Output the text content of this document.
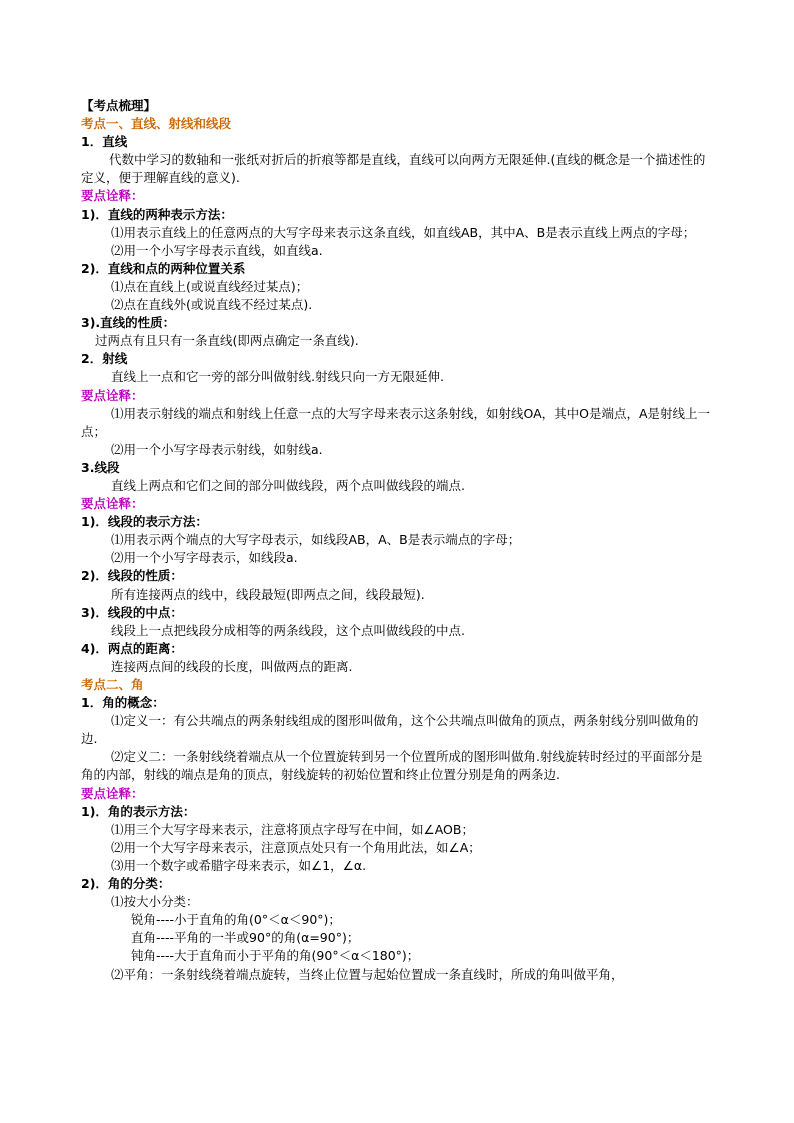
【考点梳理】
考点一、直线、射线和线段
1．直线
代数中学习的数轴和一张纸对折后的折痕等都是直线，直线可以向两方无限延伸.(直线的概念是一个描述性的定义，便于理解直线的意义).
要点诠释：
1)．直线的两种表示方法：
⑴用表示直线上的任意两点的大写字母来表示这条直线，如直线AB，其中A、B是表示直线上两点的字母；
⑵用一个小写字母表示直线，如直线a.
2)．直线和点的两种位置关系
⑴点在直线上(或说直线经过某点)；
⑵点在直线外(或说直线不经过某点).
3).直线的性质：
过两点有且只有一条直线(即两点确定一条直线).
2．射线
直线上一点和它一旁的部分叫做射线.射线只向一方无限延伸.
要点诠释：
⑴用表示射线的端点和射线上任意一点的大写字母来表示这条射线，如射线OA，其中O是端点，A是射线上一点；
⑵用一个小写字母表示射线，如射线a.
3.线段
直线上两点和它们之间的部分叫做线段，两个点叫做线段的端点.
要点诠释：
1)．线段的表示方法：
⑴用表示两个端点的大写字母表示，如线段AB，A、B是表示端点的字母；
⑵用一个小写字母表示，如线段a.
2)．线段的性质：
所有连接两点的线中，线段最短(即两点之间，线段最短).
3)．线段的中点：
线段上一点把线段分成相等的两条线段，这个点叫做线段的中点.
4)．两点的距离：
连接两点间的线段的长度，叫做两点的距离.
考点二、角
1．角的概念：
⑴定义一：有公共端点的两条射线组成的图形叫做角，这个公共端点叫做角的顶点，两条射线分别叫做角的边.
⑵定义二：一条射线绕着端点从一个位置旋转到另一个位置所成的图形叫做角.射线旋转时经过的平面部分是角的内部，射线的端点是角的顶点，射线旋转的初始位置和终止位置分别是角的两条边.
要点诠释：
1)．角的表示方法：
⑴用三个大写字母来表示，注意将顶点字母写在中间，如∠AOB；
⑵用一个大写字母来表示，注意顶点处只有一个角用此法，如∠A；
⑶用一个数字或希腊字母来表示，如∠1，∠α.
2)．角的分类：
⑴按大小分类：
锐角----小于直角的角(0°＜α＜90°)；
直角----平角的一半或90°的角(α=90°)；
钝角----大于直角而小于平角的角(90°＜α＜180°)；
⑵平角：一条射线绕着端点旋转，当终止位置与起始位置成一条直线时，所成的角叫做平角，
